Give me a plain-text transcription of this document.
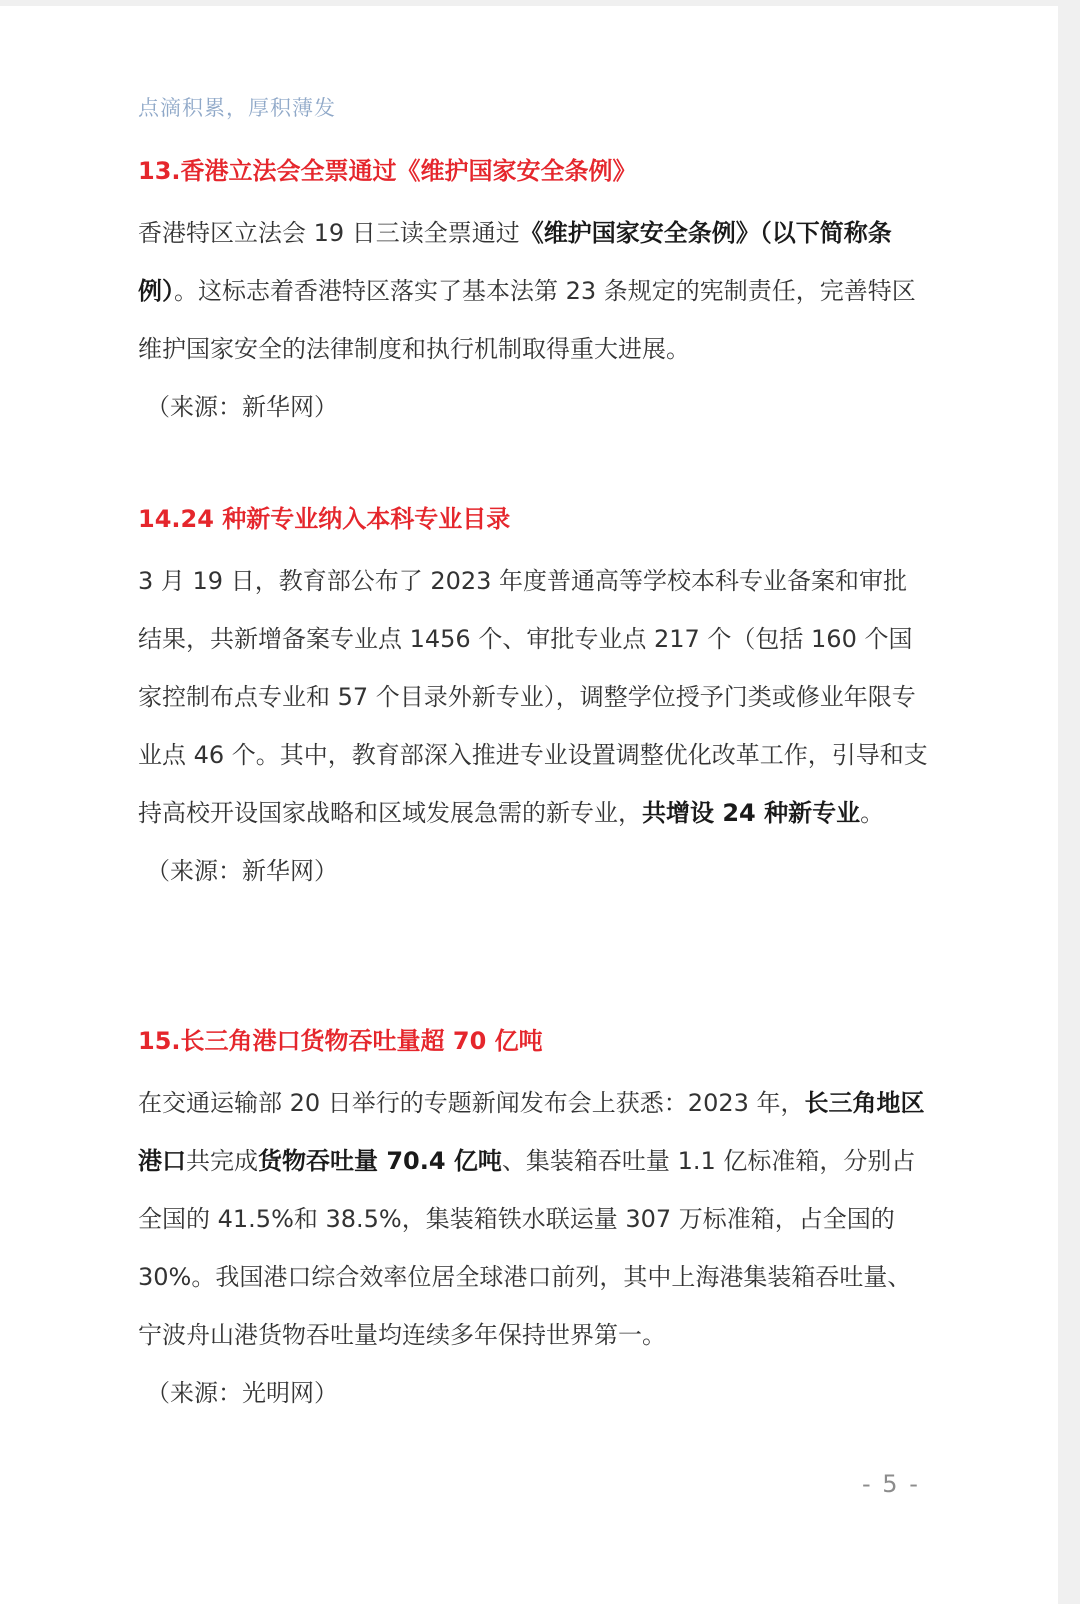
点滴积累，厚积薄发
13.香港立法会全票通过《维护国家安全条例》

香港特区立法会 19 日三读全票通过《维护国家安全条例》（以下简称条例）。这标志着香港特区落实了基本法第 23 条规定的宪制责任，完善特区维护国家安全的法律制度和执行机制取得重大进展。

（来源：新华网）

14.24 种新专业纳入本科专业目录

3 月 19 日，教育部公布了 2023 年度普通高等学校本科专业备案和审批结果，共新增备案专业点 1456 个、审批专业点 217 个（包括 160 个国家控制布点专业和 57 个目录外新专业），调整学位授予门类或修业年限专业点 46 个。其中，教育部深入推进专业设置调整优化改革工作，引导和支持高校开设国家战略和区域发展急需的新专业，共增设 24 种新专业。

（来源：新华网）

15.长三角港口货物吞吐量超 70 亿吨

在交通运输部 20 日举行的专题新闻发布会上获悉：2023 年，长三角地区港口共完成货物吞吐量 70.4 亿吨、集装箱吞吐量 1.1 亿标准箱，分别占全国的 41.5%和 38.5%，集装箱铁水联运量 307 万标准箱，占全国的 30%。我国港口综合效率位居全球港口前列，其中上海港集装箱吞吐量、宁波舟山港货物吞吐量均连续多年保持世界第一。

（来源：光明网）

- 5 -
